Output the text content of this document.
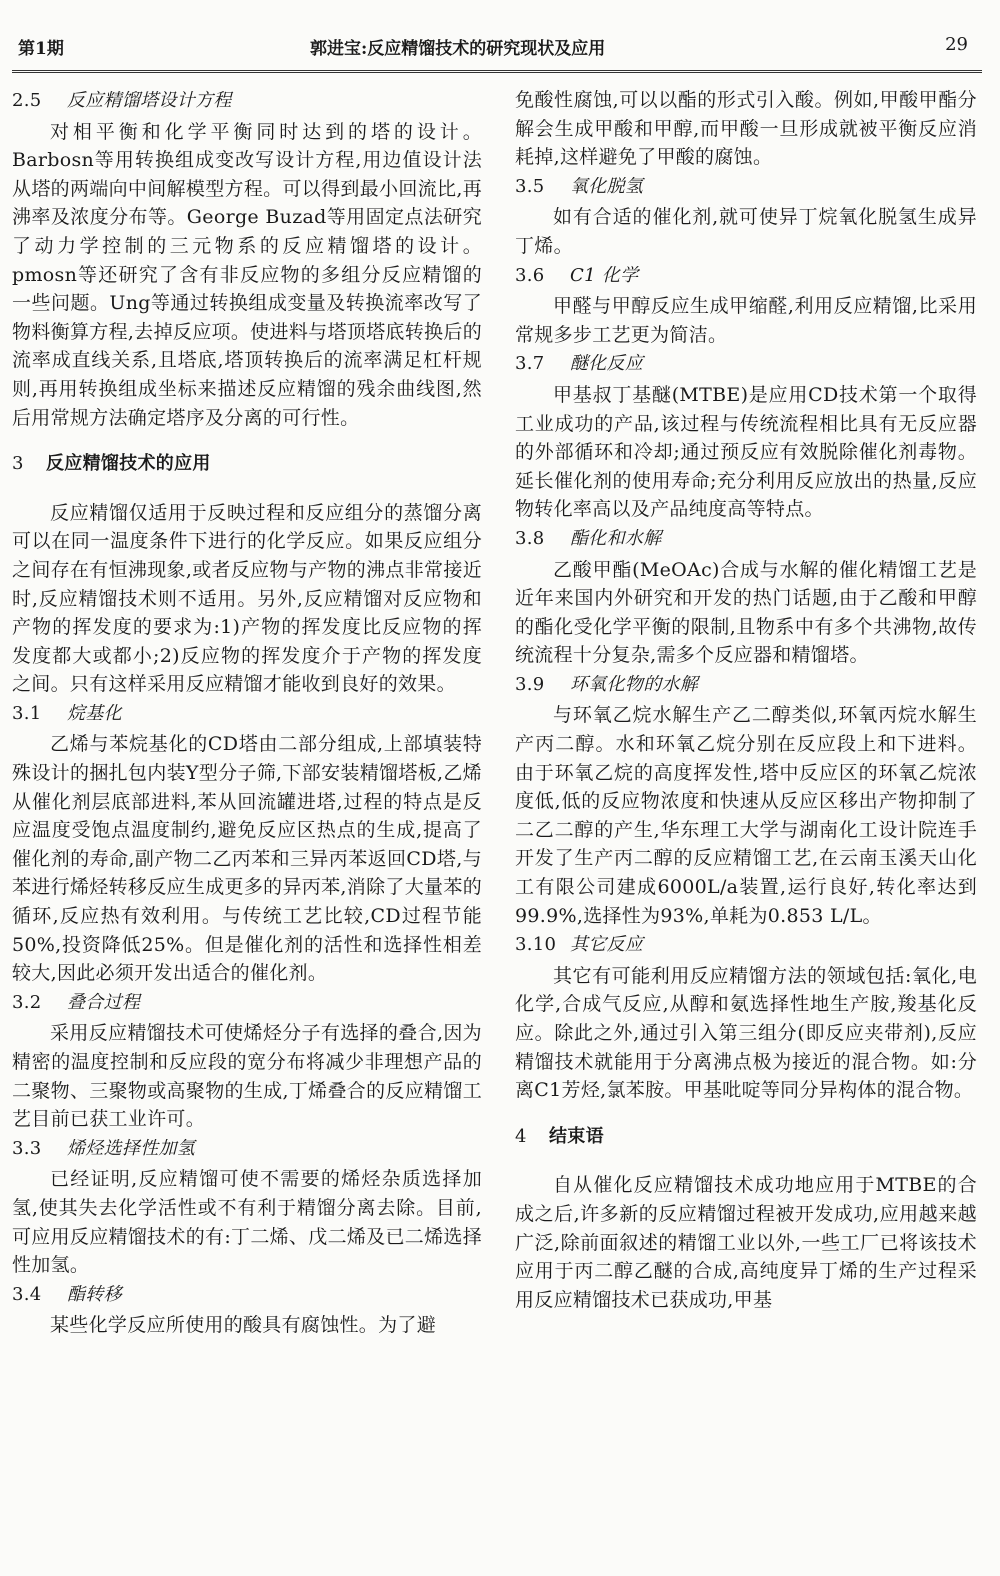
第1期	郭进宝:反应精馏技术的研究现状及应用	29
2.5 反应精馏塔设计方程

对相平衡和化学平衡同时达到的塔的设计。Barbosn等用转换组成变改写设计方程,用边值设计法从塔的两端向中间解模型方程。可以得到最小回流比,再沸率及浓度分布等。George Buzad等用固定点法研究了动力学控制的三元物系的反应精馏塔的设计。pmosn等还研究了含有非反应物的多组分反应精馏的一些问题。Ung等通过转换组成变量及转换流率改写了物料衡算方程,去掉反应项。使进料与塔顶塔底转换后的流率成直线关系,且塔底,塔顶转换后的流率满足杠杆规则,再用转换组成坐标来描述反应精馏的残余曲线图,然后用常规方法确定塔序及分离的可行性。

3 反应精馏技术的应用

反应精馏仅适用于反映过程和反应组分的蒸馏分离可以在同一温度条件下进行的化学反应。如果反应组分之间存在有恒沸现象,或者反应物与产物的沸点非常接近时,反应精馏技术则不适用。另外,反应精馏对反应物和产物的挥发度的要求为:1)产物的挥发度比反应物的挥发度都大或都小;2)反应物的挥发度介于产物的挥发度之间。只有这样采用反应精馏才能收到良好的效果。

3.1 烷基化

乙烯与苯烷基化的CD塔由二部分组成,上部填装特殊设计的捆扎包内装Y型分子筛,下部安装精馏塔板,乙烯从催化剂层底部进料,苯从回流罐进塔,过程的特点是反应温度受饱点温度制约,避免反应区热点的生成,提高了催化剂的寿命,副产物二乙丙苯和三异丙苯返回CD塔,与苯进行烯烃转移反应生成更多的异丙苯,消除了大量苯的循环,反应热有效利用。与传统工艺比较,CD过程节能50%,投资降低25%。但是催化剂的活性和选择性相差较大,因此必须开发出适合的催化剂。

3.2 叠合过程

采用反应精馏技术可使烯烃分子有选择的叠合,因为精密的温度控制和反应段的宽分布将减少非理想产品的二聚物、三聚物或高聚物的生成,丁烯叠合的反应精馏工艺目前已获工业许可。

3.3 烯烃选择性加氢

已经证明,反应精馏可使不需要的烯烃杂质选择加氢,使其失去化学活性或不有利于精馏分离去除。目前,可应用反应精馏技术的有:丁二烯、戊二烯及已二烯选择性加氢。

3.4 酯转移

某些化学反应所使用的酸具有腐蚀性。为了避

免酸性腐蚀,可以以酯的形式引入酸。例如,甲酸甲酯分解会生成甲酸和甲醇,而甲酸一旦形成就被平衡反应消耗掉,这样避免了甲酸的腐蚀。

3.5 氧化脱氢

如有合适的催化剂,就可使异丁烷氧化脱氢生成异丁烯。

3.6 C1 化学

甲醛与甲醇反应生成甲缩醛,利用反应精馏,比采用常规多步工艺更为简洁。

3.7 醚化反应

甲基叔丁基醚(MTBE)是应用CD技术第一个取得工业成功的产品,该过程与传统流程相比具有无反应器的外部循环和冷却;通过预反应有效脱除催化剂毒物。延长催化剂的使用寿命;充分利用反应放出的热量,反应物转化率高以及产品纯度高等特点。

3.8 酯化和水解

乙酸甲酯(MeOAc)合成与水解的催化精馏工艺是近年来国内外研究和开发的热门话题,由于乙酸和甲醇的酯化受化学平衡的限制,且物系中有多个共沸物,故传统流程十分复杂,需多个反应器和精馏塔。

3.9 环氧化物的水解

与环氧乙烷水解生产乙二醇类似,环氧丙烷水解生产丙二醇。水和环氧乙烷分别在反应段上和下进料。由于环氧乙烷的高度挥发性,塔中反应区的环氧乙烷浓度低,低的反应物浓度和快速从反应区移出产物抑制了二乙二醇的产生,华东理工大学与湖南化工设计院连手开发了生产丙二醇的反应精馏工艺,在云南玉溪天山化工有限公司建成6000L/a装置,运行良好,转化率达到99.9%,选择性为93%,单耗为0.853 L/L。

3.10 其它反应

其它有可能利用反应精馏方法的领域包括:氧化,电化学,合成气反应,从醇和氨选择性地生产胺,羧基化反应。除此之外,通过引入第三组分(即反应夹带剂),反应精馏技术就能用于分离沸点极为接近的混合物。如:分离C1芳烃,氯苯胺。甲基吡啶等同分异构体的混合物。

4 结束语

自从催化反应精馏技术成功地应用于MTBE的合成之后,许多新的反应精馏过程被开发成功,应用越来越广泛,除前面叙述的精馏工业以外,一些工厂已将该技术应用于丙二醇乙醚的合成,高纯度异丁烯的生产过程采用反应精馏技术已获成功,甲基
